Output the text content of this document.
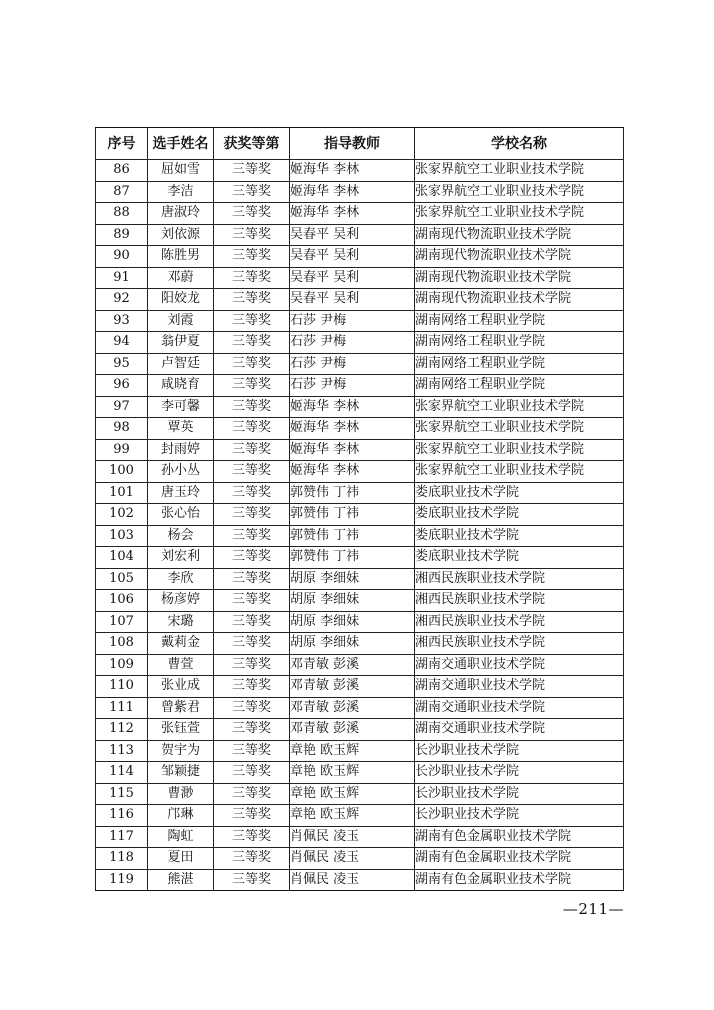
序号	选手姓名	获奖等第	指导教师	学校名称
86	屈如雪	三等奖	姬海华 李林	张家界航空工业职业技术学院
87	李洁	三等奖	姬海华 李林	张家界航空工业职业技术学院
88	唐淑玲	三等奖	姬海华 李林	张家界航空工业职业技术学院
89	刘依源	三等奖	吴春平 吴利	湖南现代物流职业技术学院
90	陈胜男	三等奖	吴春平 吴利	湖南现代物流职业技术学院
91	邓蔚	三等奖	吴春平 吴利	湖南现代物流职业技术学院
92	阳姣龙	三等奖	吴春平 吴利	湖南现代物流职业技术学院
93	刘霞	三等奖	石莎 尹梅	湖南网络工程职业学院
94	翁伊夏	三等奖	石莎 尹梅	湖南网络工程职业学院
95	卢智廷	三等奖	石莎 尹梅	湖南网络工程职业学院
96	咸晓育	三等奖	石莎 尹梅	湖南网络工程职业学院
97	李可馨	三等奖	姬海华 李林	张家界航空工业职业技术学院
98	覃英	三等奖	姬海华 李林	张家界航空工业职业技术学院
99	封雨婷	三等奖	姬海华 李林	张家界航空工业职业技术学院
100	孙小丛	三等奖	姬海华 李林	张家界航空工业职业技术学院
101	唐玉玲	三等奖	郭赞伟 丁祎	娄底职业技术学院
102	张心怡	三等奖	郭赞伟 丁祎	娄底职业技术学院
103	杨会	三等奖	郭赞伟 丁祎	娄底职业技术学院
104	刘宏利	三等奖	郭赞伟 丁祎	娄底职业技术学院
105	李欣	三等奖	胡原 李细妹	湘西民族职业技术学院
106	杨彦婷	三等奖	胡原 李细妹	湘西民族职业技术学院
107	宋璐	三等奖	胡原 李细妹	湘西民族职业技术学院
108	戴莉金	三等奖	胡原 李细妹	湘西民族职业技术学院
109	曹萱	三等奖	邓青敏 彭溪	湖南交通职业技术学院
110	张业成	三等奖	邓青敏 彭溪	湖南交通职业技术学院
111	曾紫君	三等奖	邓青敏 彭溪	湖南交通职业技术学院
112	张钰萱	三等奖	邓青敏 彭溪	湖南交通职业技术学院
113	贺宇为	三等奖	章艳 欧玉辉	长沙职业技术学院
114	邹颖捷	三等奖	章艳 欧玉辉	长沙职业技术学院
115	曹渺	三等奖	章艳 欧玉辉	长沙职业技术学院
116	邝琳	三等奖	章艳 欧玉辉	长沙职业技术学院
117	陶虹	三等奖	肖佩民 凌玉	湖南有色金属职业技术学院
118	夏田	三等奖	肖佩民 凌玉	湖南有色金属职业技术学院
119	熊湛	三等奖	肖佩民 凌玉	湖南有色金属职业技术学院
—211—
